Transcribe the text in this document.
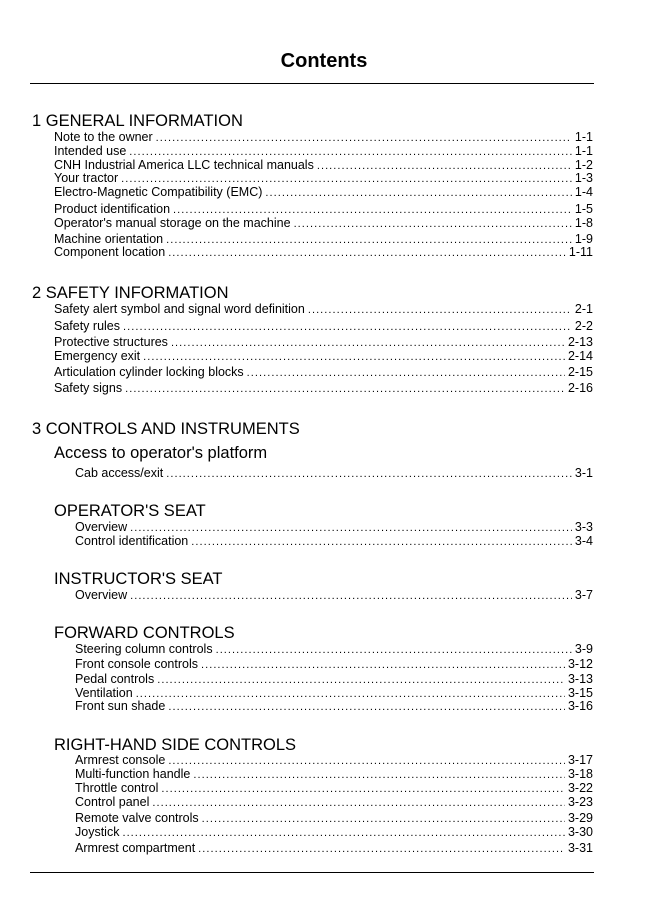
Contents
1 GENERAL INFORMATION
Note to the owner . . .	1-1
Intended use . . .	1-1
CNH Industrial America LLC technical manuals . . .	1-2
Your tractor . . .	1-3
Electro-Magnetic Compatibility (EMC) . . .	1-4
Product identification . . .	1-5
Operator's manual storage on the machine . . .	1-8
Machine orientation . . .	1-9
Component location . . .	1-11
2 SAFETY INFORMATION
Safety alert symbol and signal word definition . . .	2-1
Safety rules . . .	2-2
Protective structures . . .	2-13
Emergency exit . . .	2-14
Articulation cylinder locking blocks . . .	2-15
Safety signs . . .	2-16
3 CONTROLS AND INSTRUMENTS
Access to operator's platform
Cab access/exit . . .	3-1
OPERATOR'S SEAT
Overview . . .	3-3
Control identification . . .	3-4
INSTRUCTOR'S SEAT
Overview . . .	3-7
FORWARD CONTROLS
Steering column controls . . .	3-9
Front console controls . . .	3-12
Pedal controls . . .	3-13
Ventilation . . .	3-15
Front sun shade . . .	3-16
RIGHT-HAND SIDE CONTROLS
Armrest console . . .	3-17
Multi-function handle . . .	3-18
Throttle control . . .	3-22
Control panel . . .	3-23
Remote valve controls . . .	3-29
Joystick . . .	3-30
Armrest compartment . . .	3-31
